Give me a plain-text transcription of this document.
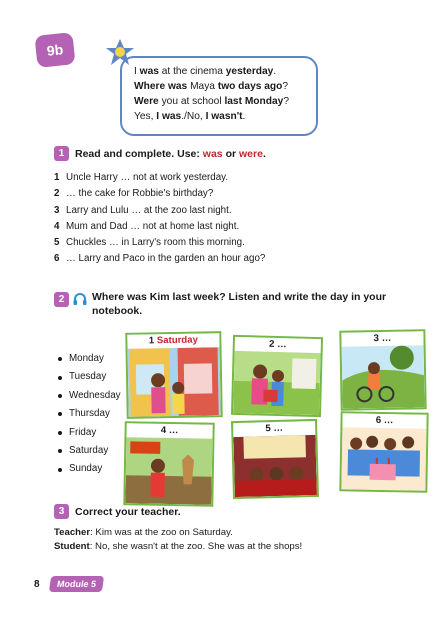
9b

I was at the cinema yesterday.

Where was Maya two days ago?

Were you at school last Monday?

Yes, I was./No, I wasn't.

1	Read and complete. Use: was or were.
1 Uncle Harry … not at work yesterday.
2 … the cake for Robbie's birthday?
3 Larry and Lulu … at the zoo last night.
4 Mum and Dad … not at home last night.
5 Chuckles … in Larry's room this morning.
6 … Larry and Paco in the garden an hour ago?
2	Where was Kim last week? Listen and write the day in your
notebook.
Monday
Tuesday
Wednesday
Thursday
Friday
Saturday
Sunday
1 Saturday	2 …
3 …
4 …	5 …
6 …
3	Correct your teacher.
Teacher: Kim was at the zoo on Saturday.
Student: No, she wasn't at the zoo. She was at the shops!
8	Module 5
